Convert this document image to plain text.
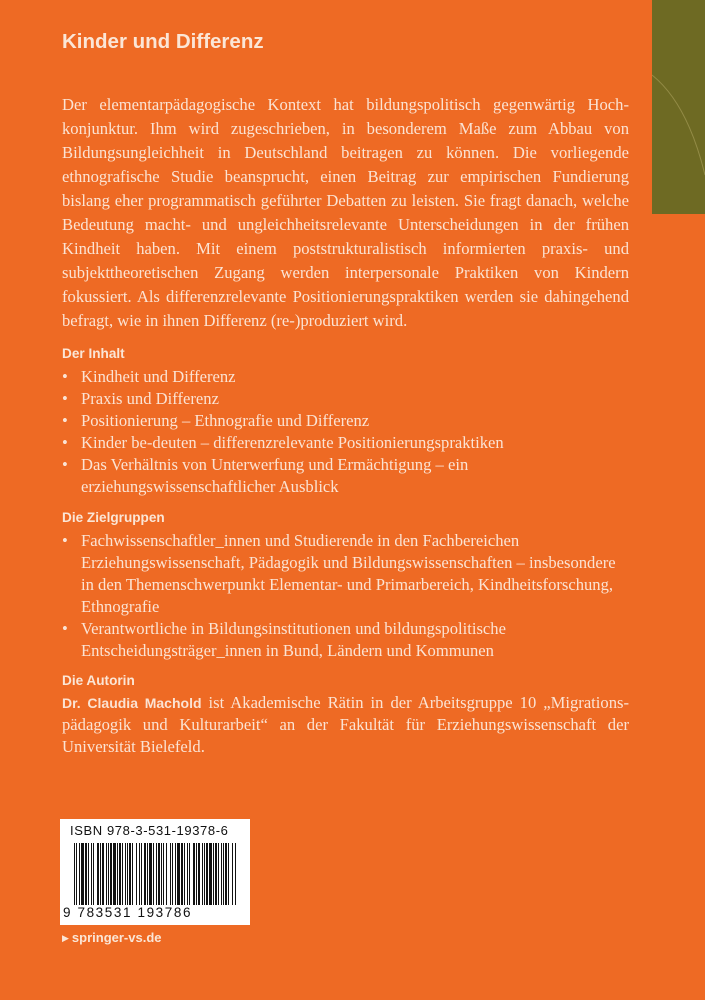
Kinder und Differenz

Der elementarpädagogische Kontext hat bildungspolitisch gegenwärtig Hochkonjunktur. Ihm wird zugeschrieben, in besonderem Maße zum Abbau von Bildungsungleichheit in Deutschland beitragen zu können. Die vorliegende ethnografische Studie beansprucht, einen Beitrag zur empirischen Fundierung bislang eher programmatisch geführter Debatten zu leisten. Sie fragt danach, welche Bedeutung macht- und ungleichheitsrelevante Unterscheidungen in der frühen Kindheit haben. Mit einem poststrukturalistisch informierten praxis- und subjekttheoretischen Zugang werden interpersonale Praktiken von Kindern fokussiert. Als differenzrelevante Positionierungspraktiken werden sie dahingehend befragt, wie in ihnen Differenz (re-)produziert wird.

Der Inhalt
• Kindheit und Differenz
• Praxis und Differenz
• Positionierung – Ethnografie und Differenz
• Kinder be-deuten – differenzrelevante Positionierungspraktiken
• Das Verhältnis von Unterwerfung und Ermächtigung – ein erziehungswissenschaftlicher Ausblick
Die Zielgruppen
• Fachwissenschaftler_innen und Studierende in den Fachbereichen Erziehungswissenschaft, Pädagogik und Bildungswissenschaften – insbesondere in den Themenschwerpunkt Elementar- und Primarbereich, Kindheitsforschung, Ethnografie
• Verantwortliche in Bildungsinstitutionen und bildungspolitische Entscheidungsträger_innen in Bund, Ländern und Kommunen
Die Autorin

Dr. Claudia Machold ist Akademische Rätin in der Arbeitsgruppe 10 „Migrationspädagogik und Kulturarbeit“ an der Fakultät für Erziehungswissenschaft der Universität Bielefeld.

ISBN 978-3-531-19378-6
9 783531 193786
▶ springer-vs.de
